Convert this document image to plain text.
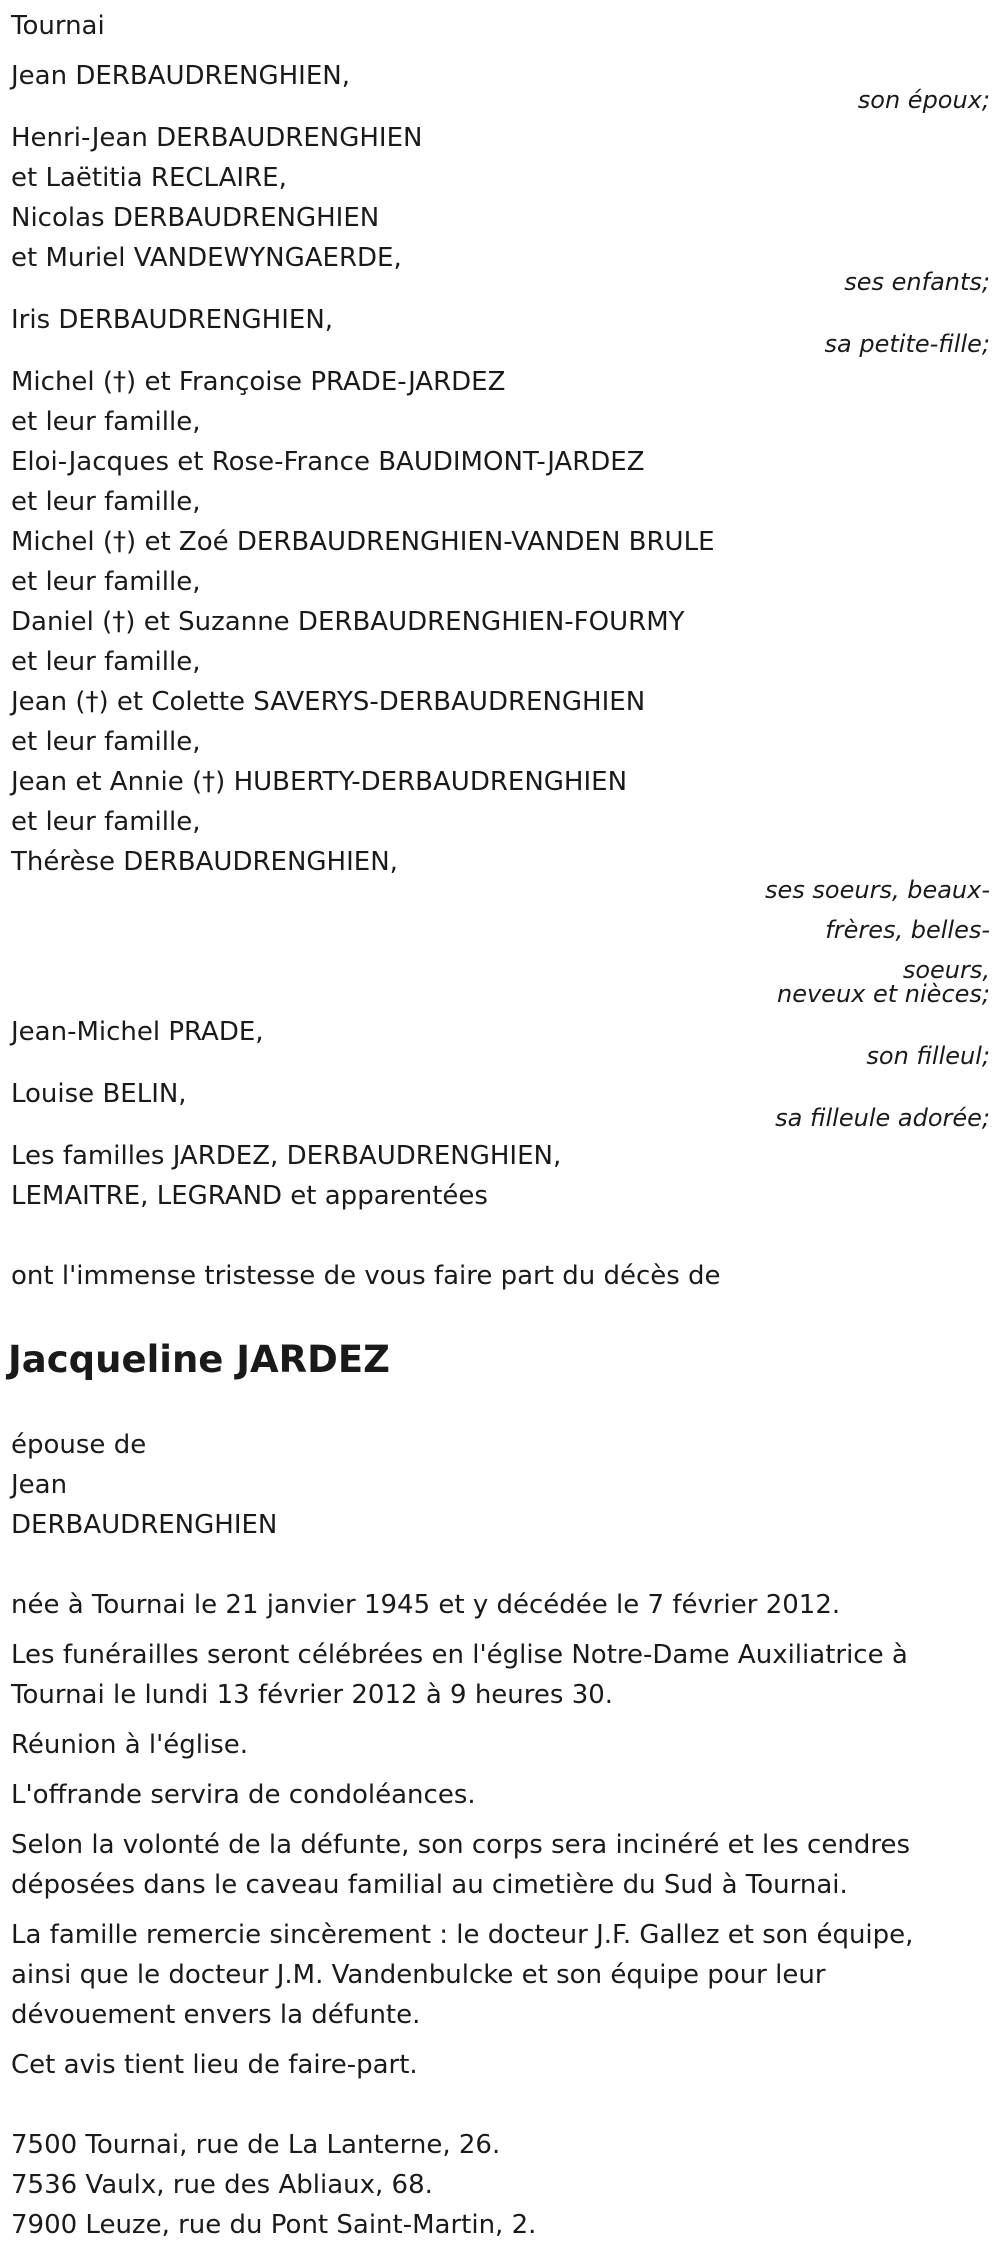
Tournai
Jean DERBAUDRENGHIEN,
son époux;
Henri-Jean DERBAUDRENGHIEN
et Laëtitia RECLAIRE,
Nicolas DERBAUDRENGHIEN
et Muriel VANDEWYNGAERDE,
ses enfants;
Iris DERBAUDRENGHIEN,
sa petite-fille;
Michel (†) et Françoise PRADE-JARDEZ
et leur famille,
Eloi-Jacques et Rose-France BAUDIMONT-JARDEZ
et leur famille,
Michel (†) et Zoé DERBAUDRENGHIEN-VANDEN BRULE
et leur famille,
Daniel (†) et Suzanne DERBAUDRENGHIEN-FOURMY
et leur famille,
Jean (†) et Colette SAVERYS-DERBAUDRENGHIEN
et leur famille,
Jean et Annie (†) HUBERTY-DERBAUDRENGHIEN
et leur famille,
Thérèse DERBAUDRENGHIEN,
ses soeurs, beaux-
frères, belles-
soeurs,
neveux et nièces;
Jean-Michel PRADE,
son filleul;
Louise BELIN,
sa filleule adorée;
Les familles JARDEZ, DERBAUDRENGHIEN,
LEMAITRE, LEGRAND et apparentées
ont l'immense tristesse de vous faire part du décès de
Jacqueline JARDEZ
épouse de
Jean
DERBAUDRENGHIEN
née à Tournai le 21 janvier 1945 et y décédée le 7 février 2012.
Les funérailles seront célébrées en l'église Notre-Dame Auxiliatrice à
Tournai le lundi 13 février 2012 à 9 heures 30.
Réunion à l'église.
L'offrande servira de condoléances.
Selon la volonté de la défunte, son corps sera incinéré et les cendres
déposées dans le caveau familial au cimetière du Sud à Tournai.
La famille remercie sincèrement : le docteur J.F. Gallez et son équipe,
ainsi que le docteur J.M. Vandenbulcke et son équipe pour leur
dévouement envers la défunte.
Cet avis tient lieu de faire-part.
7500 Tournai, rue de La Lanterne, 26.
7536 Vaulx, rue des Abliaux, 68.
7900 Leuze, rue du Pont Saint-Martin, 2.
